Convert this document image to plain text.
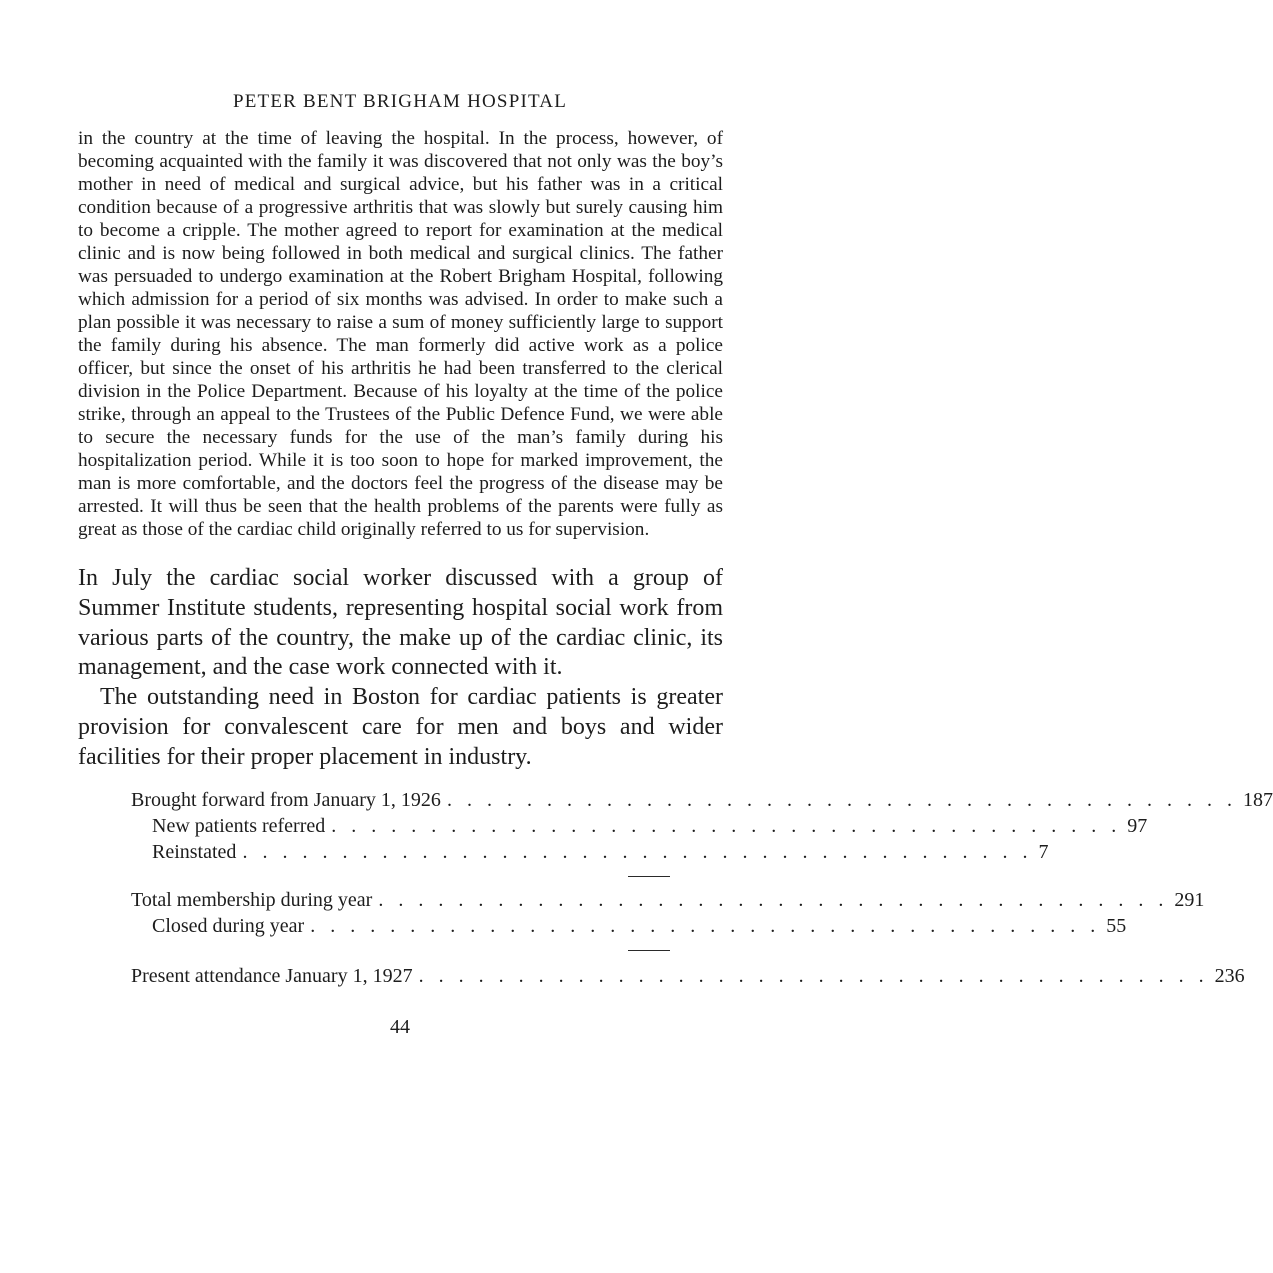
PETER BENT BRIGHAM HOSPITAL

in the country at the time of leaving the hospital. In the process, however, of becoming acquainted with the family it was discovered that not only was the boy’s mother in need of medical and surgical advice, but his father was in a critical condition because of a progressive arthritis that was slowly but surely causing him to become a cripple. The mother agreed to report for examination at the medical clinic and is now being followed in both medical and surgical clinics. The father was persuaded to undergo examination at the Robert Brigham Hospital, following which admission for a period of six months was advised. In order to make such a plan possible it was necessary to raise a sum of money sufficiently large to support the family during his absence. The man formerly did active work as a police officer, but since the onset of his arthritis he had been transferred to the clerical division in the Police Department. Because of his loyalty at the time of the police strike, through an appeal to the Trustees of the Public Defence Fund, we were able to secure the necessary funds for the use of the man’s family during his hospitalization period. While it is too soon to hope for marked improvement, the man is more comfortable, and the doctors feel the progress of the disease may be arrested. It will thus be seen that the health problems of the parents were fully as great as those of the cardiac child originally referred to us for supervision.

In July the cardiac social worker discussed with a group of Summer Institute students, representing hospital social work from various parts of the country, the make up of the cardiac clinic, its management, and the case work connected with it.

The outstanding need in Boston for cardiac patients is greater provision for convalescent care for men and boys and wider facilities for their proper placement in industry.

Brought forward from January 1, 1926 . . . . . . . . . . . . . . . . . . . . . . . . . . . . . . . . . . . . . . . . 187
New patients referred . . . . . . . . . . . . . . . . . . . . . . . . . . . . . . . . . . . . . . . . 97
Reinstated . . . . . . . . . . . . . . . . . . . . . . . . . . . . . . . . . . . . . . . . 7
Total membership during year . . . . . . . . . . . . . . . . . . . . . . . . . . . . . . . . . . . . . . . . 291
Closed during year . . . . . . . . . . . . . . . . . . . . . . . . . . . . . . . . . . . . . . . . 55
Present attendance January 1, 1927 . . . . . . . . . . . . . . . . . . . . . . . . . . . . . . . . . . . . . . . . 236
44
